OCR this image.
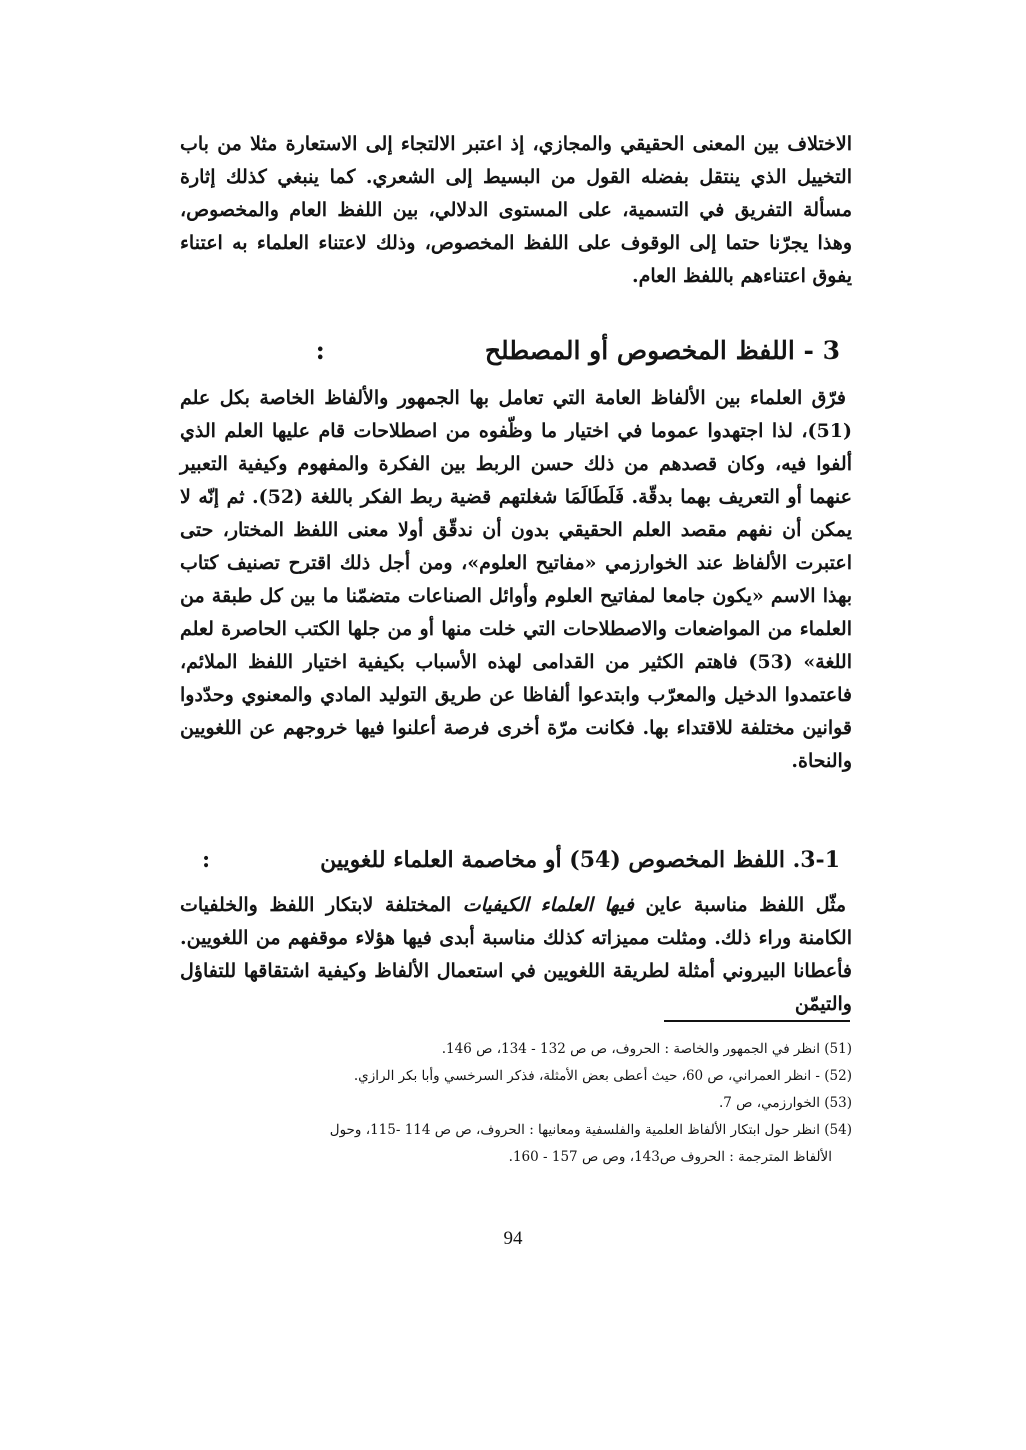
الاختلاف بين المعنى الحقيقي والمجازي، إذ اعتبر الالتجاء إلى الاستعارة مثلا من باب التخييل الذي ينتقل بفضله القول من البسيط إلى الشعري. كما ينبغي كذلك إثارة مسألة التفريق في التسمية، على المستوى الدلالي، بين اللفظ العام والمخصوص، وهذا يجرّنا حتما إلى الوقوف على اللفظ المخصوص، وذلك لاعتناء العلماء به اعتناء يفوق اعتناءهم باللفظ العام.

3 - اللفظ المخصوص أو المصطلح:

فرّق العلماء بين الألفاظ العامة التي تعامل بها الجمهور والألفاظ الخاصة بكل علم (51)، لذا اجتهدوا عموما في اختيار ما وظّفوه من اصطلاحات قام عليها العلم الذي ألفوا فيه، وكان قصدهم من ذلك حسن الربط بين الفكرة والمفهوم وكيفية التعبير عنهما أو التعريف بهما بدقّة. فَلَطَالَمَا شغلتهم قضية ربط الفكر باللغة (52). ثم إنّه لا يمكن أن نفهم مقصد العلم الحقيقي بدون أن ندقّق أولا معنى اللفظ المختار، حتى اعتبرت الألفاظ عند الخوارزمي «مفاتيح العلوم»، ومن أجل ذلك اقترح تصنيف كتاب بهذا الاسم «يكون جامعا لمفاتيح العلوم وأوائل الصناعات متضمّنا ما بين كل طبقة من العلماء من المواضعات والاصطلاحات التي خلت منها أو من جلها الكتب الحاصرة لعلم اللغة» (53) فاهتم الكثير من القدامى لهذه الأسباب بكيفية اختيار اللفظ الملائم، فاعتمدوا الدخيل والمعرّب وابتدعوا ألفاظا عن طريق التوليد المادي والمعنوي وحدّدوا قوانين مختلفة للاقتداء بها. فكانت مرّة أخرى فرصة أعلنوا فيها خروجهم عن اللغويين والنحاة.

3-1. اللفظ المخصوص (54) أو مخاصمة العلماء للغويين:

مثّل اللفظ مناسبة عاين فيها العلماء الكيفيات المختلفة لابتكار اللفظ والخلفيات الكامنة وراء ذلك. ومثلت مميزاته كذلك مناسبة أبدى فيها هؤلاء موقفهم من اللغويين. فأعطانا البيروني أمثلة لطريقة اللغويين في استعمال الألفاظ وكيفية اشتقاقها للتفاؤل والتيمّن

(51) انظر في الجمهور والخاصة : الحروف، ص ص 132 - 134، ص 146.

(52) - انظر العمراني، ص 60، حيث أعطى بعض الأمثلة، فذكر السرخسي وأبا بكر الرازي.

(53) الخوارزمي، ص 7.

(54) انظر حول ابتكار الألفاظ العلمية والفلسفية ومعانيها : الحروف، ص ص 114 -115، وحول

الألفاظ المترجمة : الحروف ص143، وص ص 157 - 160.

94
